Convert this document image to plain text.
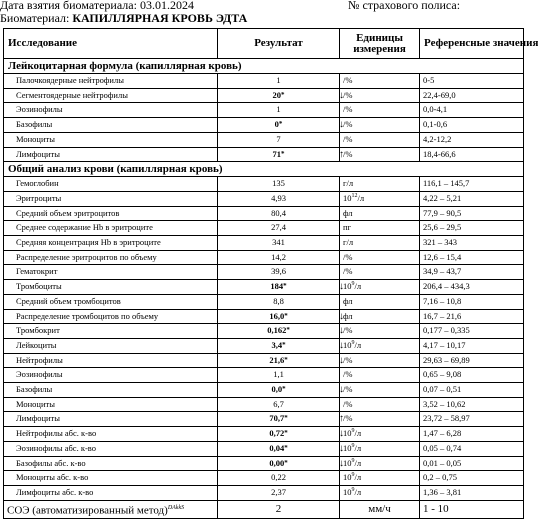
Дата взятия биоматериала: 03.01.2024	№ страхового полиса:
Биоматериал: КАПИЛЛЯРНАЯ КРОВЬ ЭДТА
Исследование	Результат	Единицы измерения	Референсные значения
Лейкоцитарная формула (капиллярная кровь)			
Палочкоядерные нейтрофилы	1	/%	0-5
Сегментоядерные нейтрофилы	20* ↓	/%	22,4-69,0
Эозинофилы	1	/%	0,0-4,1
Базофилы	0* ↓	/%	0,1-0,6
Моноциты	7	/%	4,2-12,2
Лимфоциты	71* ↑	/%	18,4-66,6
Общий анализ крови (капиллярная кровь)			
Гемоглобин	135	г/л	116,1 – 145,7
Эритроциты	4,93	$10^{12}/л$	4,22 – 5,21
Средний объем эритроцитов	80,4	фл	77,9 – 90,5
Среднее содержание Hb в эритроците	27,4	пг	25,6 – 29,5
Средняя концентрация Hb в эритроците	341	г/л	321 – 343
Распределение эритроцитов по объему	14,2	/%	12,6 – 15,4
Гематокрит	39,6	/%	34,9 – 43,7
Тромбоциты	184* ↓	$10^9/л$	206,4 – 434,3
Средний объем тромбоцитов	8,8	фл	7,16 – 10,8
Распределение тромбоцитов по объему	16,0* ↓	фл	16,7 – 21,6
Тромбокрит	0,162* ↓	/%	0,177 – 0,335
Лейкоциты	3,4* ↓	$10^9/л$	4,17 – 10,17
Нейтрофилы	21,6* ↓	/%	29,63 – 69,89
Эозинофилы	1,1	/%	0,65 – 9,08
Базофилы	0,0* ↓	/%	0,07 – 0,51
Моноциты	6,7	/%	3,52 – 10,62
Лимфоциты	70,7* ↑	/%	23,72 – 58,97
Нейтрофилы абс. к-во	0,72* ↓	$10^9/л$	1,47 – 6,28
Эозинофилы абс. к-во	0,04* ↓	$10^9/л$	0,05 – 0,74
Базофилы абс. к-во	0,00* ↓	$10^9/л$	0,01 – 0,05
Моноциты абс. к-во	0,22	$10^9/л$	0,2 – 0,75
Лимфоциты абс. к-во	2,37	$10^9/л$	1,36 – 3,81
СОЭ (автоматизированный метод)$^{DAkkS}$	2	мм/ч	1 - 10
